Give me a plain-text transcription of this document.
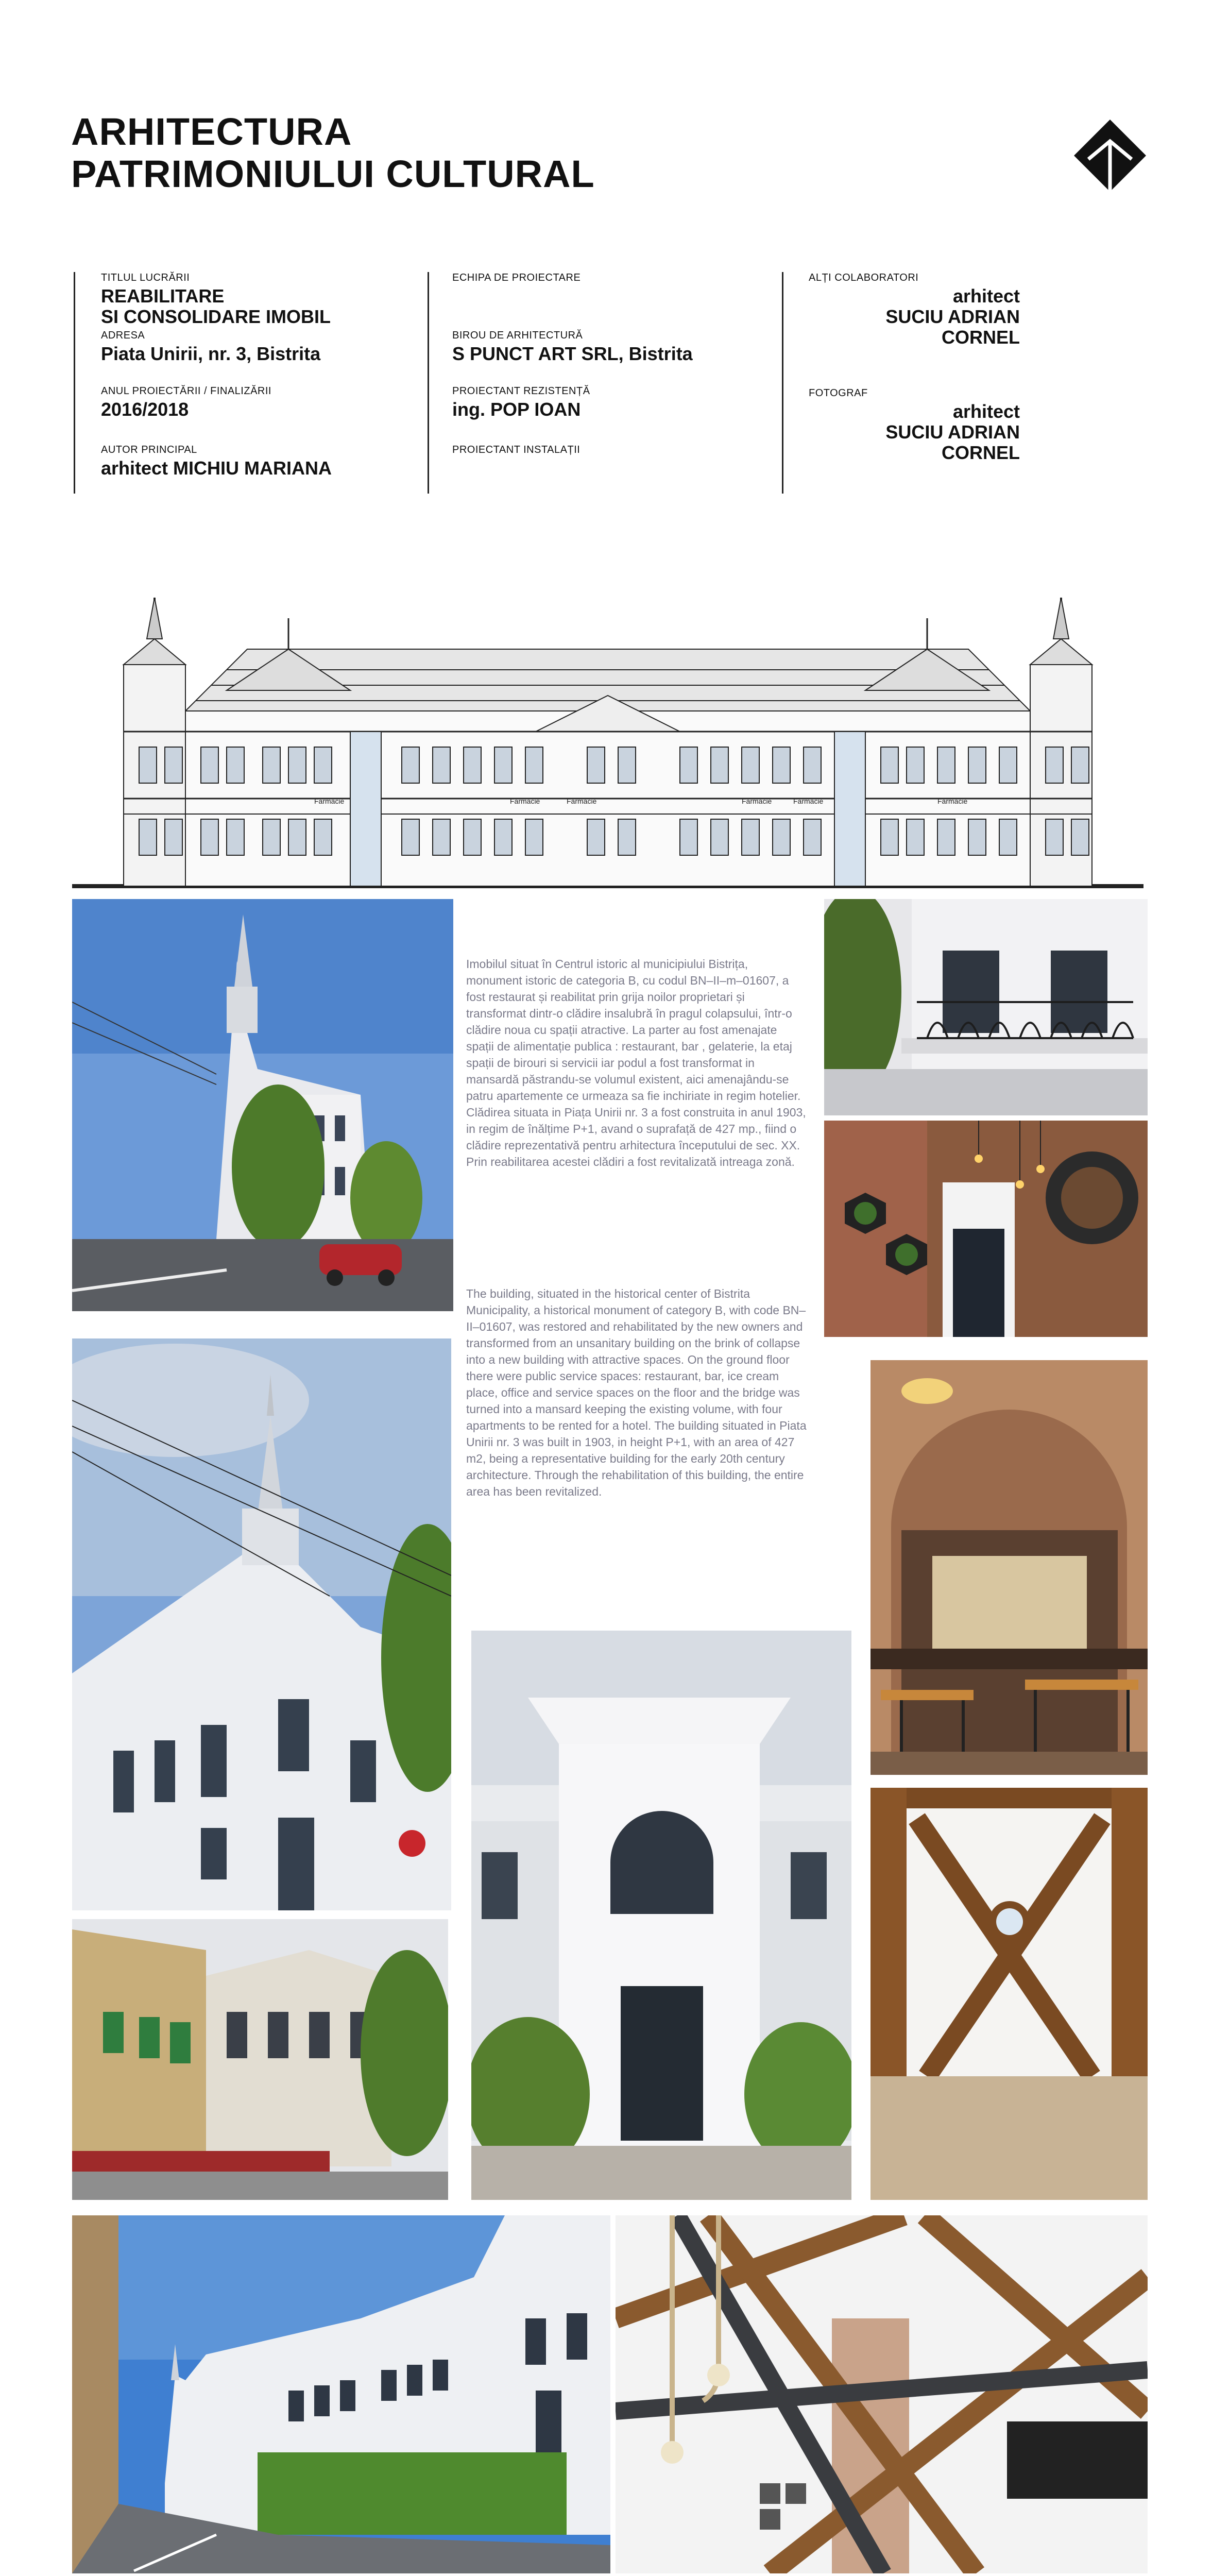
ARHITECTURA
PATRIMONIULUI CULTURAL

TITLUL LUCRĂRII

REABILITARE
SI CONSOLIDARE IMOBIL

ADRESA

Piata Unirii, nr. 3, Bistrita

ANUL PROIECTĂRII / FINALIZĂRII

2016/2018

AUTOR PRINCIPAL

arhitect MICHIU MARIANA

ECHIPA DE PROIECTARE

BIROU DE ARHITECTURĂ

S PUNCT ART SRL, Bistrita

PROIECTANT REZISTENȚĂ

ing. POP IOAN

PROIECTANT INSTALAȚII

ALȚI COLABORATORI

arhitect
SUCIU ADRIAN CORNEL

FOTOGRAF

arhitect
SUCIU ADRIAN CORNEL

Farmacie	Farmacie	Farmacie	Farmacie	Farmacie	Farmacie
Imobilul situat în Centrul istoric al municipiului Bistrița, monument istoric de categoria B, cu codul BN–II–m–01607, a fost restaurat și reabilitat prin grija noilor proprietari și transformat dintr-o clădire insalubră în pragul colapsului, într-o clădire noua cu spații atractive. La parter au fost amenajate spații de alimentație publica : restaurant, bar , gelaterie, la etaj spații de birouri si servicii iar podul a fost transformat in mansardă păstrandu-se volumul existent, aici amenajându-se patru apartemente ce urmeaza sa fie inchiriate in regim hotelier. Clădirea situata in Piața Unirii nr. 3 a fost construita in anul 1903, in regim de înălțime P+1, avand o suprafață de 427 mp., fiind o clădire reprezentativă pentru arhitectura începutului de sec. XX. Prin reabilitarea acestei clădiri a fost revitalizată intreaga zonă.
The building, situated in the historical center of Bistrita Municipality, a historical monument of category B, with code BN–II–01607, was restored and rehabilitated by the new owners and transformed from an unsanitary building on the brink of collapse into a new building with attractive spaces. On the ground floor there were public service spaces: restaurant, bar, ice cream place, office and service spaces on the floor and the bridge was turned into a mansard keeping the existing volume, with four apartments to be rented for a hotel. The building situated in Piata Unirii nr. 3 was built in 1903, in height P+1, with an area of 427 m2, being a representative building for the early 20th century architecture. Through the rehabilitation of this building, the entire area has been revitalized.
